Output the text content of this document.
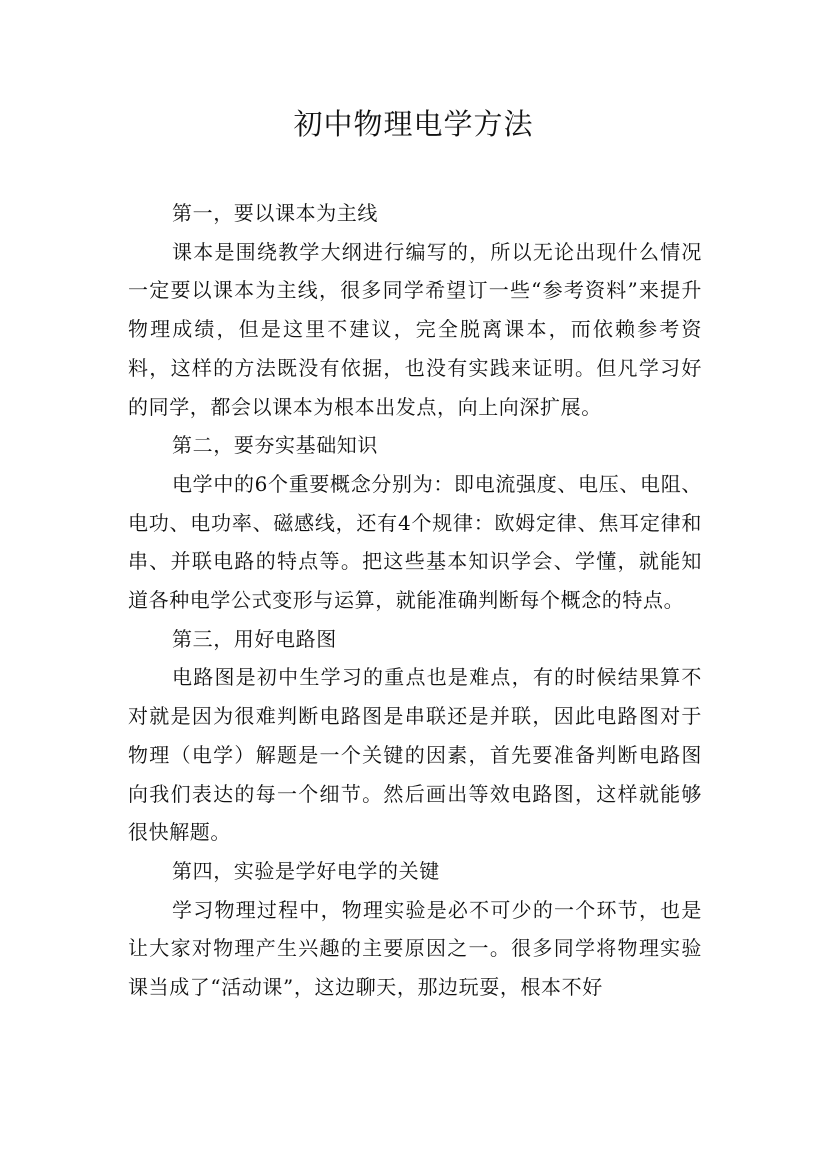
初中物理电学方法

第一，要以课本为主线

课本是围绕教学大纲进行编写的，所以无论出现什么情况一定要以课本为主线，很多同学希望订一些“参考资料”来提升物理成绩，但是这里不建议，完全脱离课本，而依赖参考资料，这样的方法既没有依据，也没有实践来证明。但凡学习好的同学，都会以课本为根本出发点，向上向深扩展。

第二，要夯实基础知识

电学中的6个重要概念分别为：即电流强度、电压、电阻、电功、电功率、磁感线，还有4个规律：欧姆定律、焦耳定律和串、并联电路的特点等。把这些基本知识学会、学懂，就能知道各种电学公式变形与运算，就能准确判断每个概念的特点。

第三，用好电路图

电路图是初中生学习的重点也是难点，有的时候结果算不对就是因为很难判断电路图是串联还是并联，因此电路图对于物理（电学）解题是一个关键的因素，首先要准备判断电路图向我们表达的每一个细节。然后画出等效电路图，这样就能够很快解题。

第四，实验是学好电学的关键

学习物理过程中，物理实验是必不可少的一个环节，也是让大家对物理产生兴趣的主要原因之一。很多同学将物理实验课当成了“活动课”，这边聊天，那边玩耍，根本不好
